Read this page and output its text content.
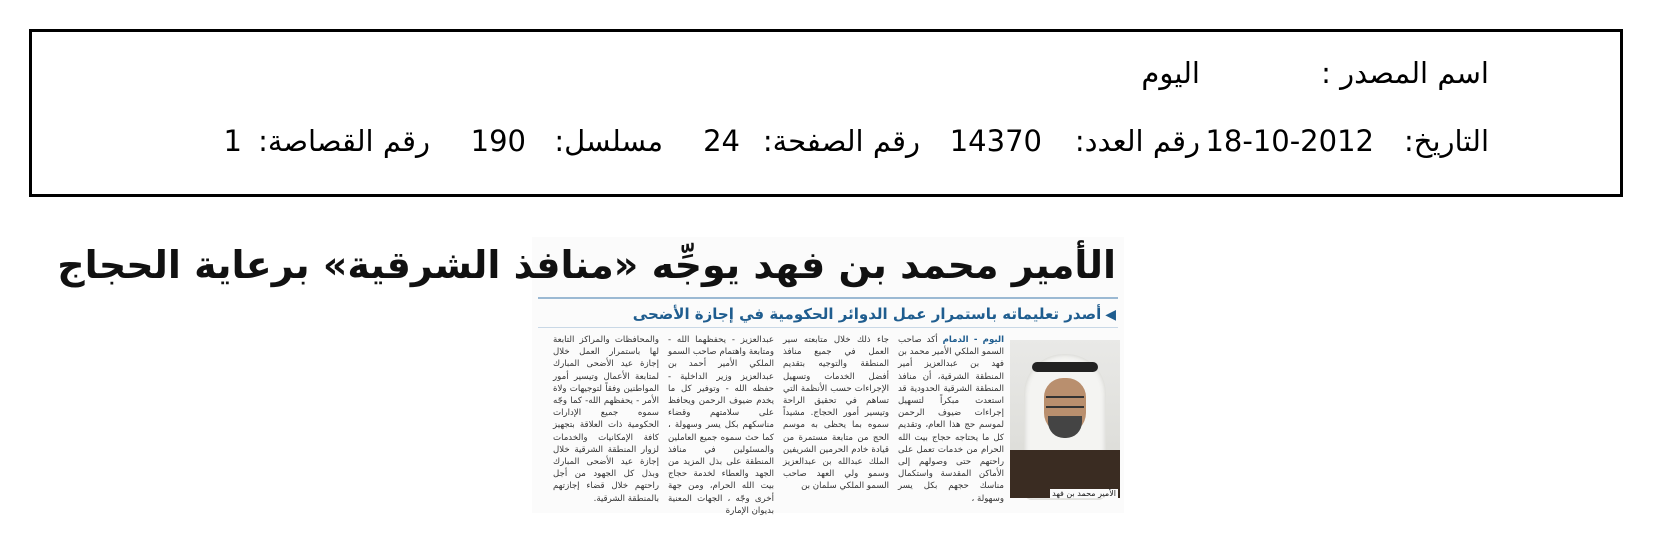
اسم المصدر :
اليوم
التاريخ:
18-10-2012
رقم العدد:
14370
رقم الصفحة:
24
مسلسل:
190
رقم القصاصة:
1
الأمير محمد بن فهد يوجِّه «منافذ الشرقية» برعاية الحجاج
◀أصدر تعليماته باستمرار عمل الدوائر الحكومية في إجازة الأضحى
الأمير محمد بن فهد
اليوم - الدمام أكد صاحب السمو الملكي الأمير محمد بن فهد بن عبدالعزيز أمير المنطقة الشرقية، أن منافذ المنطقة الشرقية الحدودية قد استعدت مبكراً لتسهيل إجراءات ضيوف الرحمن لموسم حج هذا العام، وتقديم كل ما يحتاجه حجاج بيت الله الحرام من خدمات تعمل على راحتهم حتى وصولهم إلى الأماكن المقدسة واستكمال مناسك حجهم بكل يسر وسهولة ،
جاء ذلك خلال متابعته سير العمل في جميع منافذ المنطقة والتوجيه بتقديم أفضل الخدمات وتسهيل الإجراءات حسب الأنظمة التي تساهم في تحقيق الراحة وتيسير أمور الحجاج. مشيداً سموه بما يحظى به موسم الحج من متابعة مستمرة من قيادة خادم الحرمين الشريفين الملك عبدالله بن عبدالعزيز وسمو ولي العهد صاحب السمو الملكي سلمان بن
عبدالعزيز - يحفظهما الله - ومتابعة واهتمام صاحب السمو الملكي الأمير أحمد بن عبدالعزيز وزير الداخلية - حفظه الله - وتوفير كل ما يخدم ضيوف الرحمن ويحافظ على سلامتهم وقضاء مناسكهم بكل يسر وسهولة ، كما حث سموه جميع العاملين والمسئولين في منافذ المنطقة على بذل المزيد من الجهد والعطاء لخدمة حجاج بيت الله الحرام، ومن جهة أخرى وجّه ، الجهات المعنية بديوان الإمارة
والمحافظات والمراكز التابعة لها باستمرار العمل خلال إجازة عيد الأضحى المبارك لمتابعة الأعمال وتيسير أمور المواطنين وفقاً لتوجيهات ولاة الأمر - يحفظهم الله- كما وجّه سموه جميع الإدارات الحكومية ذات العلاقة بتجهيز كافة الإمكانيات والخدمات لزوار المنطقة الشرقية خلال إجازة عيد الأضحى المبارك وبذل كل الجهود من أجل راحتهم خلال قضاء إجازتهم بالمنطقة الشرقية.
